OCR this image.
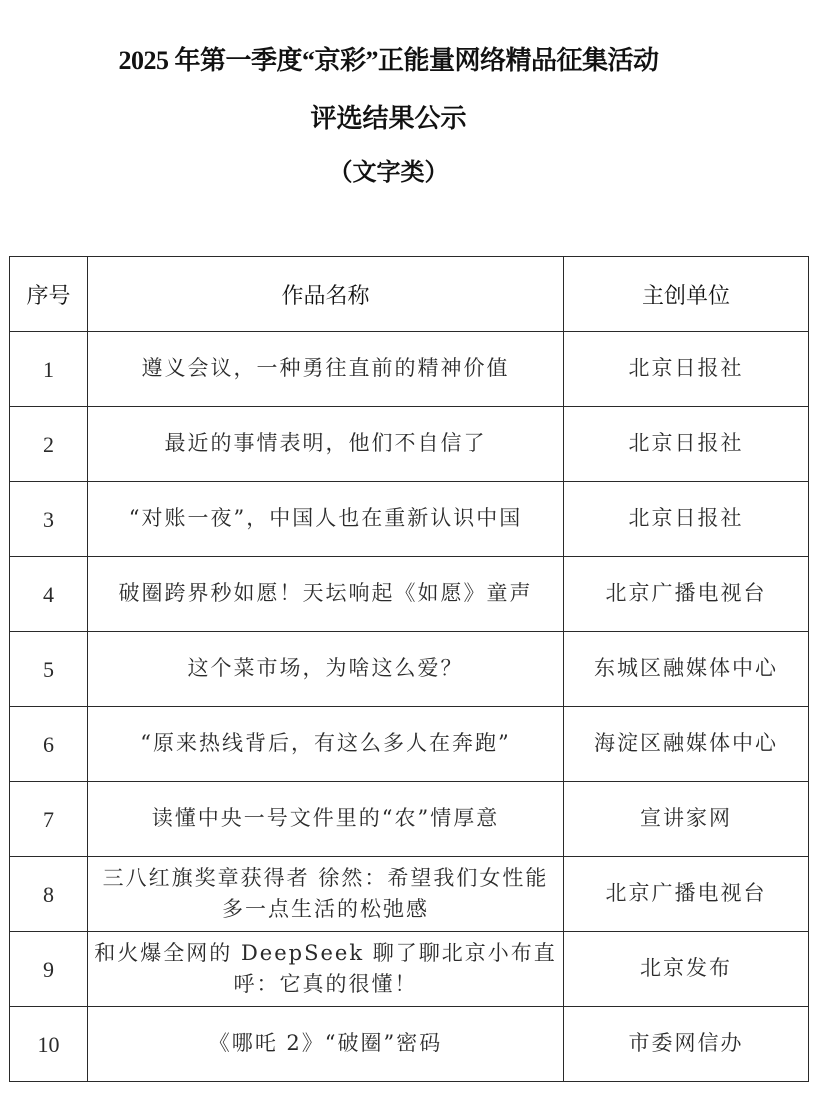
2025 年第一季度“京彩”正能量网络精品征集活动
评选结果公示
（文字类）
序号	作品名称	主创单位
1	遵义会议，一种勇往直前的精神价值	北京日报社
2	最近的事情表明，他们不自信了	北京日报社
3	“对账一夜”，中国人也在重新认识中国	北京日报社
4	破圈跨界秒如愿！天坛响起《如愿》童声	北京广播电视台
5	这个菜市场，为啥这么爱？	东城区融媒体中心
6	“原来热线背后，有这么多人在奔跑”	海淀区融媒体中心
7	读懂中央一号文件里的“农”情厚意	宣讲家网
8	三八红旗奖章获得者 徐然：希望我们女性能多一点生活的松弛感	北京广播电视台
9	和火爆全网的 DeepSeek 聊了聊北京小布直呼：它真的很懂！	北京发布
10	《哪吒 2》“破圈”密码	市委网信办
